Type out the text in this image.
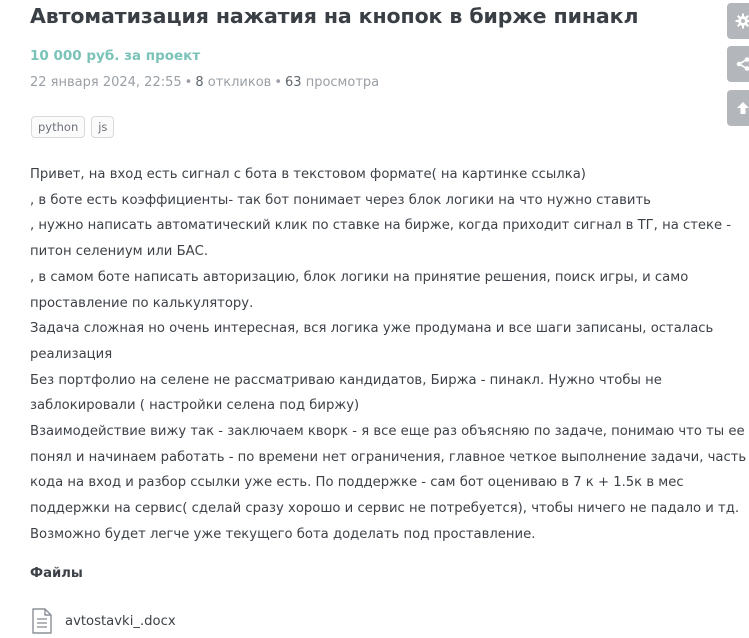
Автоматизация нажатия на кнопок в бирже пинакл
10 000 руб. за проект
22 января 2024, 22:55 • 8 откликов • 63 просмотра
python	js
Привет, на вход есть сигнал с бота в текстовом формате( на картинке ссылка)
, в боте есть коэффициенты- так бот понимает через блок логики на что нужно ставить
, нужно написать автоматический клик по ставке на бирже, когда приходит сигнал в ТГ, на стеке -
питон селениум или БАС.
, в самом боте написать авторизацию, блок логики на принятие решения, поиск игры, и само
проставление по калькулятору.
Задача сложная но очень интересная, вся логика уже продумана и все шаги записаны, осталась
реализация
Без портфолио на селене не рассматриваю кандидатов, Биржа - пинакл. Нужно чтобы не
заблокировали ( настройки селена под биржу)
Взаимодействие вижу так - заключаем кворк - я все еще раз объясняю по задаче, понимаю что ты ее
понял и начинаем работать - по времени нет ограничения, главное четкое выполнение задачи, часть
кода на вход и разбор ссылки уже есть. По поддержке - сам бот оцениваю в 7 к + 1.5к в мес
поддержки на сервис( сделай сразу хорошо и сервис не потребуется), чтобы ничего не падало и тд.
Возможно будет легче уже текущего бота доделать под проставление.
Файлы
avtostavki_.docx
